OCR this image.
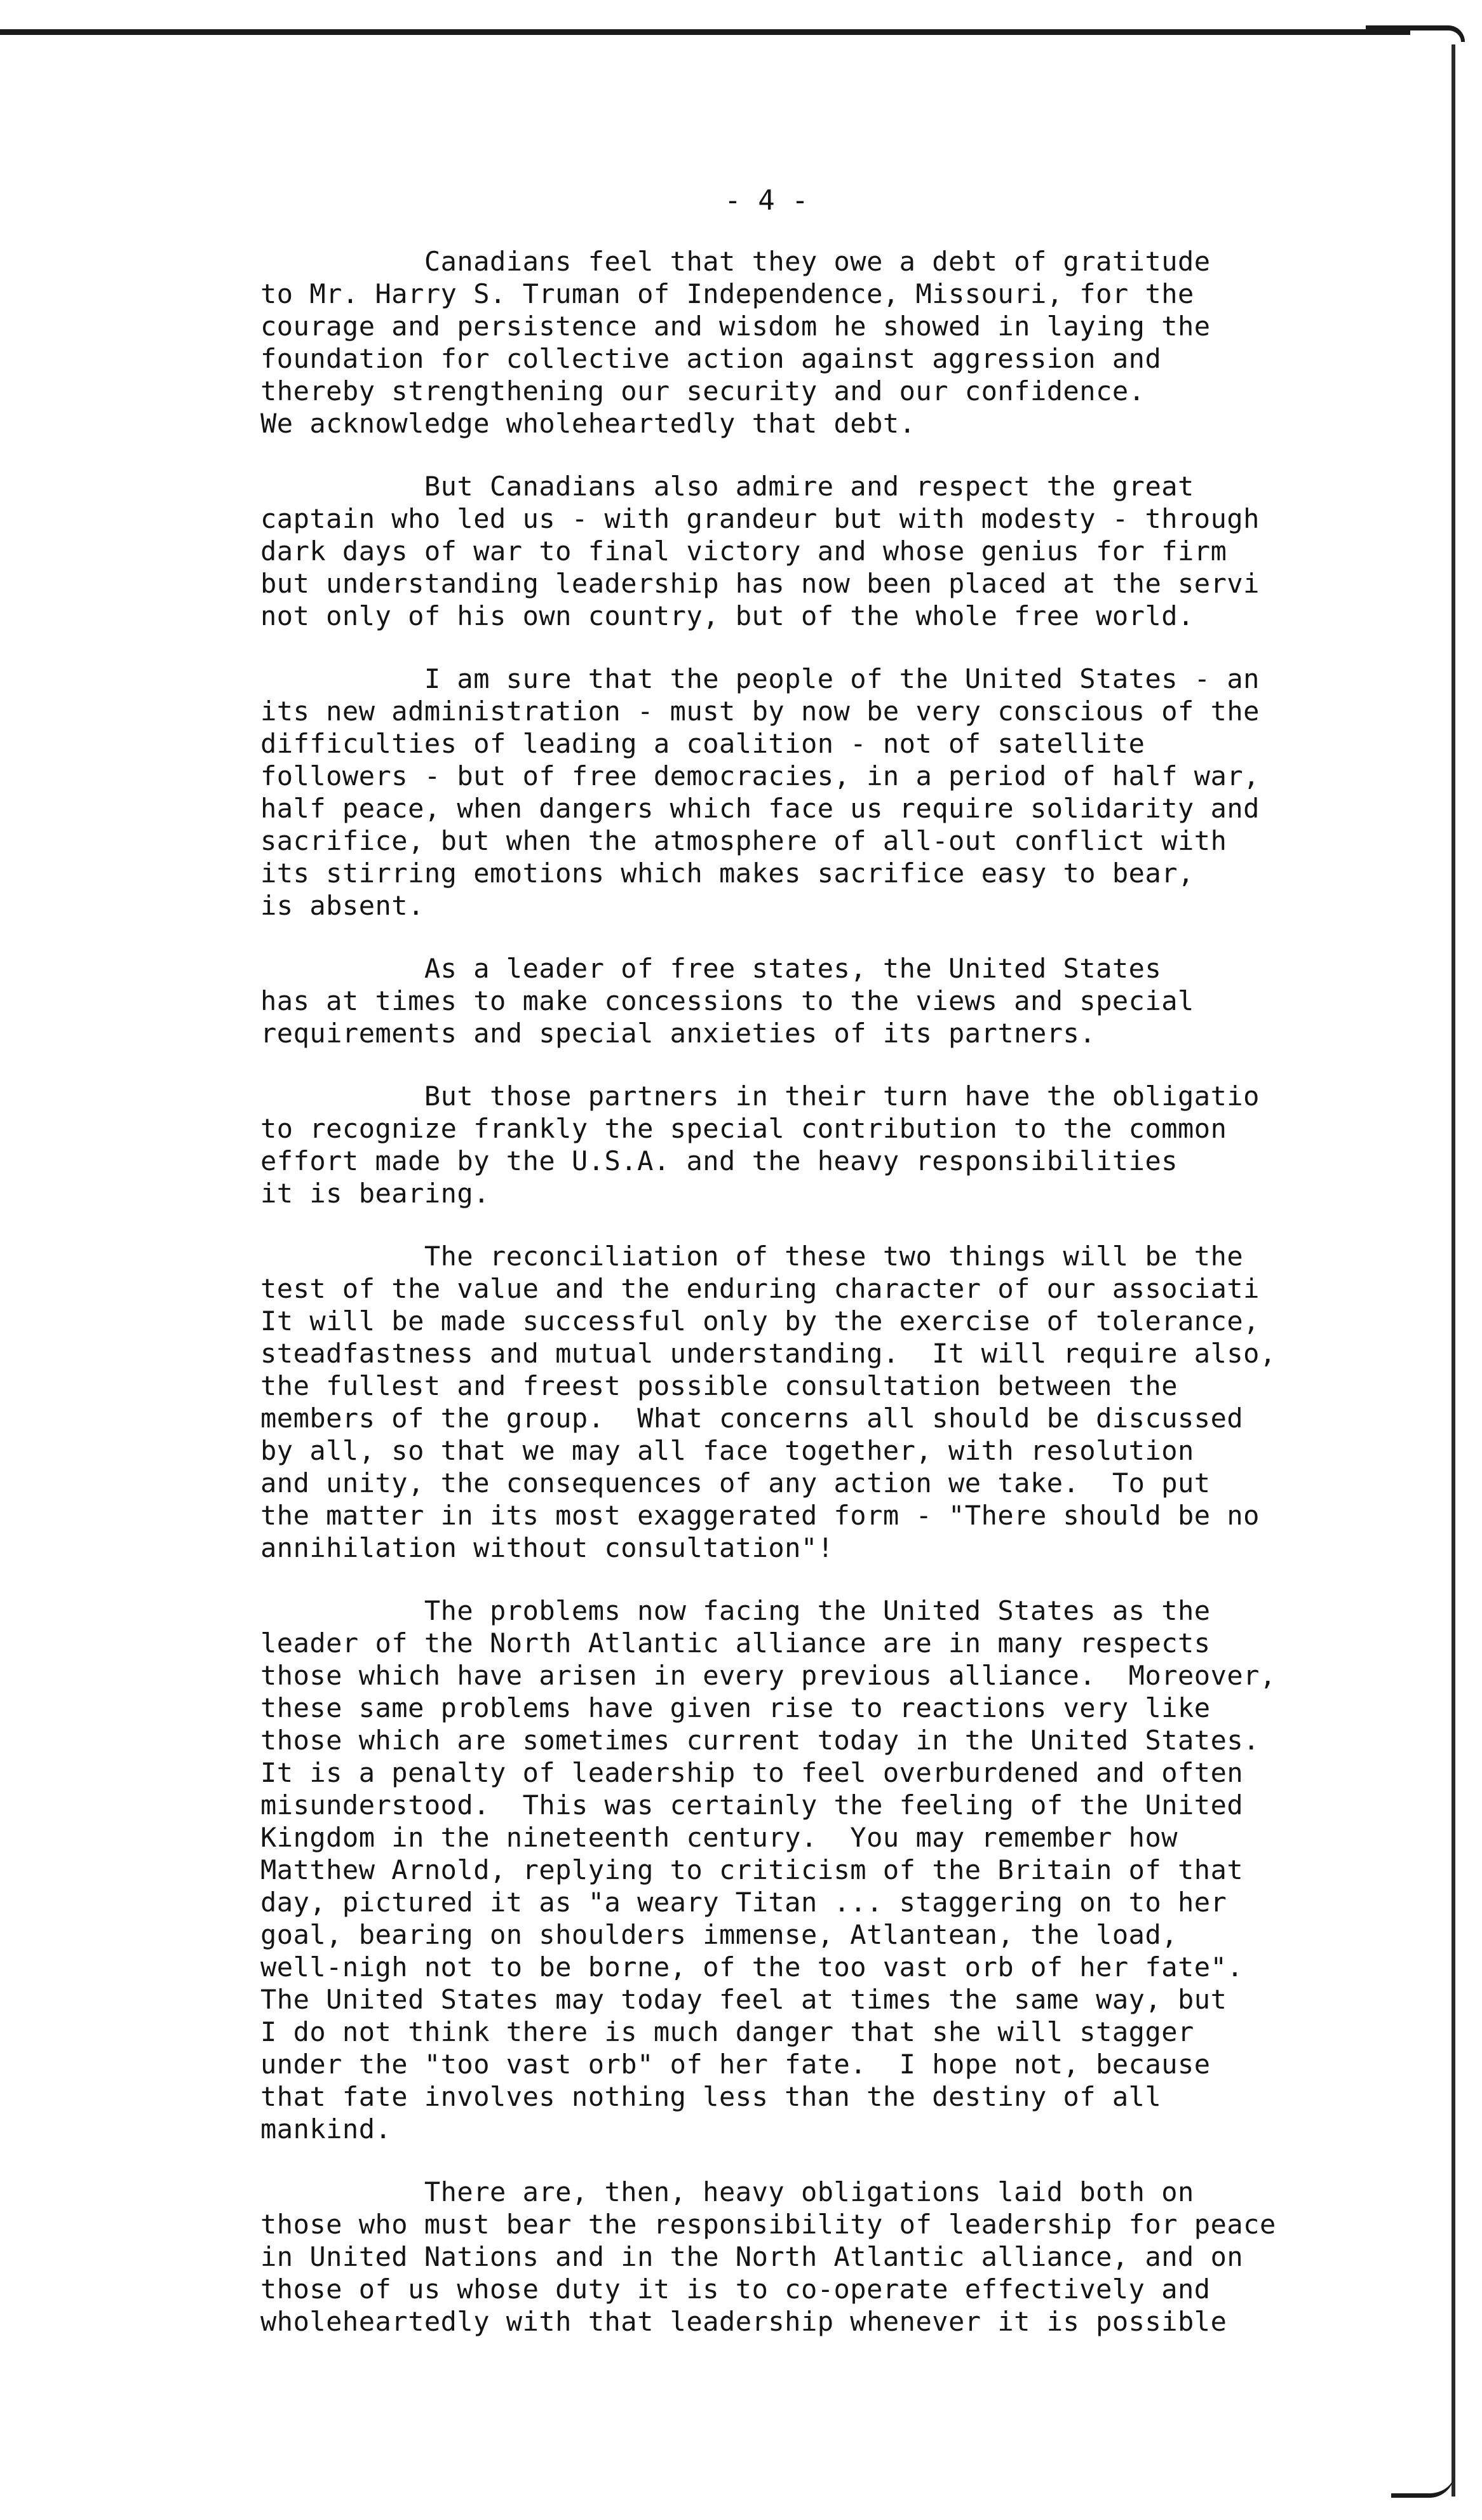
- 4 -
Canadians feel that they owe a debt of gratitude
to Mr. Harry S. Truman of Independence, Missouri, for the
courage and persistence and wisdom he showed in laying the
foundation for collective action against aggression and
thereby strengthening our security and our confidence.
We acknowledge wholeheartedly that debt.
But Canadians also admire and respect the great
captain who led us - with grandeur but with modesty - through
dark days of war to final victory and whose genius for firm
but understanding leadership has now been placed at the servi
not only of his own country, but of the whole free world.
I am sure that the people of the United States - an
its new administration - must by now be very conscious of the
difficulties of leading a coalition - not of satellite
followers - but of free democracies, in a period of half war,
half peace, when dangers which face us require solidarity and
sacrifice, but when the atmosphere of all-out conflict with
its stirring emotions which makes sacrifice easy to bear,
is absent.
As a leader of free states, the United States
has at times to make concessions to the views and special
requirements and special anxieties of its partners.
But those partners in their turn have the obligatio
to recognize frankly the special contribution to the common
effort made by the U.S.A. and the heavy responsibilities
it is bearing.
The reconciliation of these two things will be the
test of the value and the enduring character of our associati
It will be made successful only by the exercise of tolerance,
steadfastness and mutual understanding.  It will require also,
the fullest and freest possible consultation between the
members of the group.  What concerns all should be discussed
by all, so that we may all face together, with resolution
and unity, the consequences of any action we take.  To put
the matter in its most exaggerated form - "There should be no
annihilation without consultation"!
The problems now facing the United States as the
leader of the North Atlantic alliance are in many respects
those which have arisen in every previous alliance.  Moreover,
these same problems have given rise to reactions very like
those which are sometimes current today in the United States.
It is a penalty of leadership to feel overburdened and often
misunderstood.  This was certainly the feeling of the United
Kingdom in the nineteenth century.  You may remember how
Matthew Arnold, replying to criticism of the Britain of that
day, pictured it as "a weary Titan ... staggering on to her
goal, bearing on shoulders immense, Atlantean, the load,
well-nigh not to be borne, of the too vast orb of her fate".
The United States may today feel at times the same way, but
I do not think there is much danger that she will stagger
under the "too vast orb" of her fate.  I hope not, because
that fate involves nothing less than the destiny of all
mankind.
There are, then, heavy obligations laid both on
those who must bear the responsibility of leadership for peace
in United Nations and in the North Atlantic alliance, and on
those of us whose duty it is to co-operate effectively and
wholeheartedly with that leadership whenever it is possible
